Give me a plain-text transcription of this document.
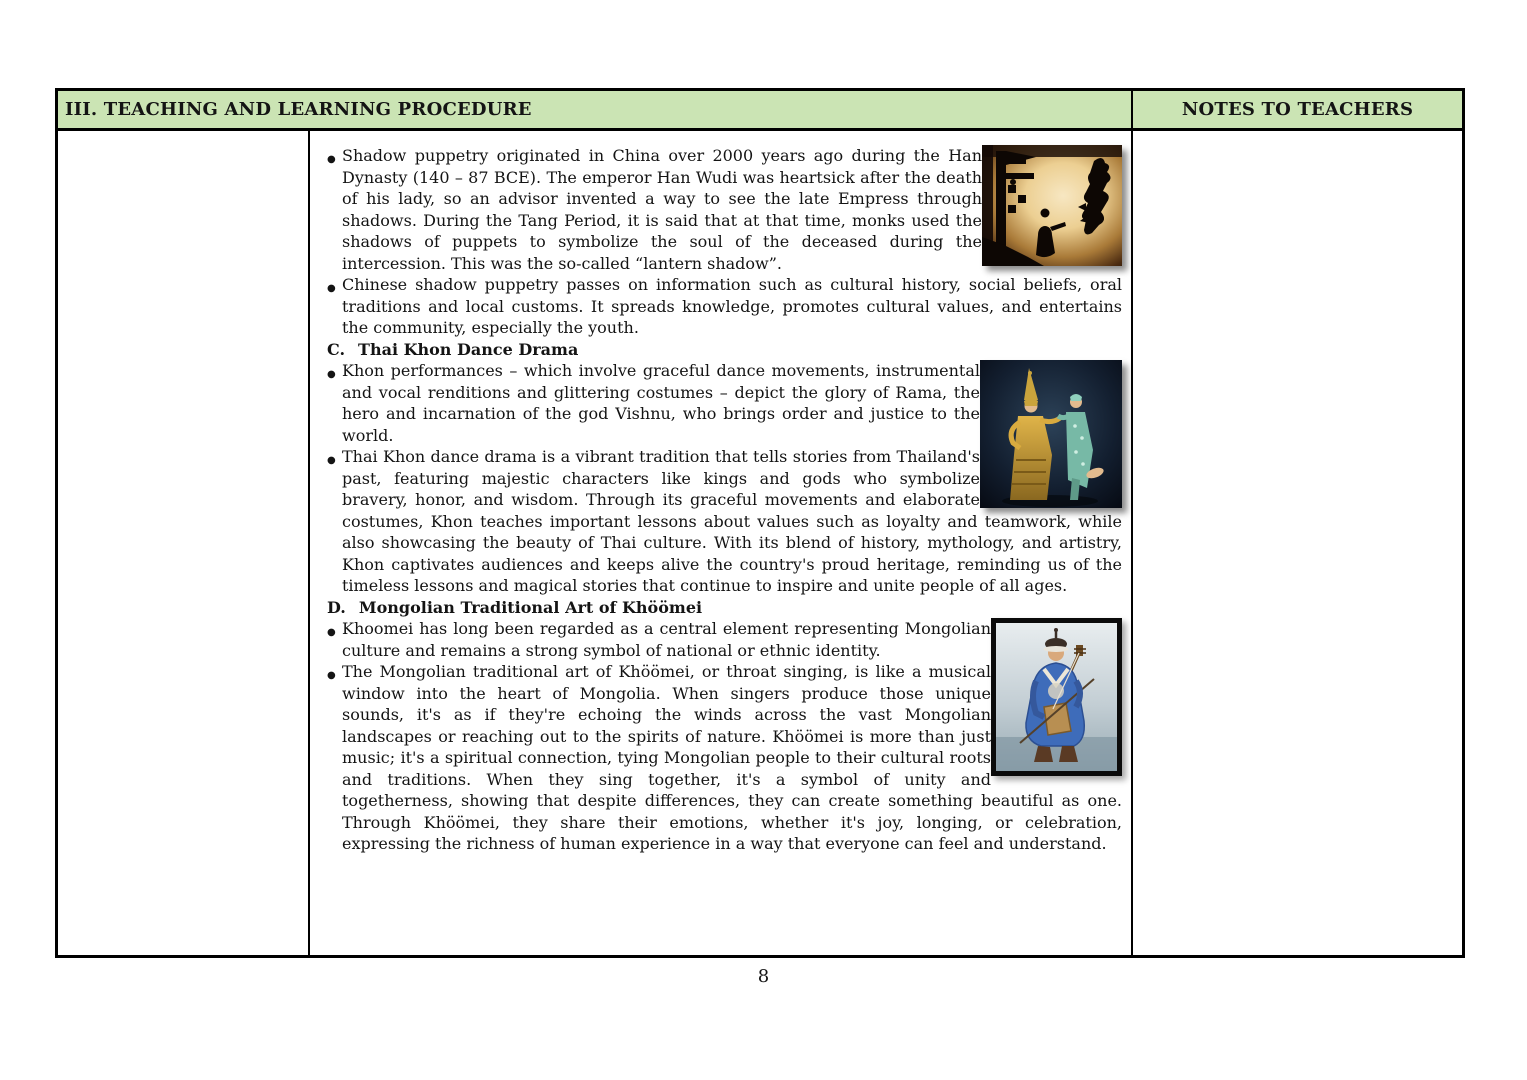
III. TEACHING AND LEARNING PROCEDURE	NOTES TO TEACHERS

● Shadow puppetry originated in China over 2000 years ago during the Han Dynasty (140 – 87 BCE). The emperor Han Wudi was heartsick after the death of his lady, so an advisor invented a way to see the late Empress through shadows. During the Tang Period, it is said that at that time, monks used the shadows of puppets to symbolize the soul of the deceased during the intercession. This was the so-called “lantern shadow”.

● Chinese shadow puppetry passes on information such as cultural history, social beliefs, oral traditions and local customs. It spreads knowledge, promotes cultural values, and entertains the community, especially the youth.

C. Thai Khon Dance Drama

● Khon performances – which involve graceful dance movements, instrumental and vocal renditions and glittering costumes – depict the glory of Rama, the hero and incarnation of the god Vishnu, who brings order and justice to the world.

● Thai Khon dance drama is a vibrant tradition that tells stories from Thailand's past, featuring majestic characters like kings and gods who symbolize bravery, honor, and wisdom. Through its graceful movements and elaborate costumes, Khon teaches important lessons about values such as loyalty and teamwork, while also showcasing the beauty of Thai culture. With its blend of history, mythology, and artistry, Khon captivates audiences and keeps alive the country's proud heritage, reminding us of the timeless lessons and magical stories that continue to inspire and unite people of all ages.

D. Mongolian Traditional Art of Khöömei

● Khoomei has long been regarded as a central element representing Mongolian culture and remains a strong symbol of national or ethnic identity.

● The Mongolian traditional art of Khöömei, or throat singing, is like a musical window into the heart of Mongolia. When singers produce those unique sounds, it's as if they're echoing the winds across the vast Mongolian landscapes or reaching out to the spirits of nature. Khöömei is more than just music; it's a spiritual connection, tying Mongolian people to their cultural roots and traditions. When they sing together, it's a symbol of unity and togetherness, showing that despite differences, they can create something beautiful as one. Through Khöömei, they share their emotions, whether it's joy, longing, or celebration, expressing the richness of human experience in a way that everyone can feel and understand.

8
